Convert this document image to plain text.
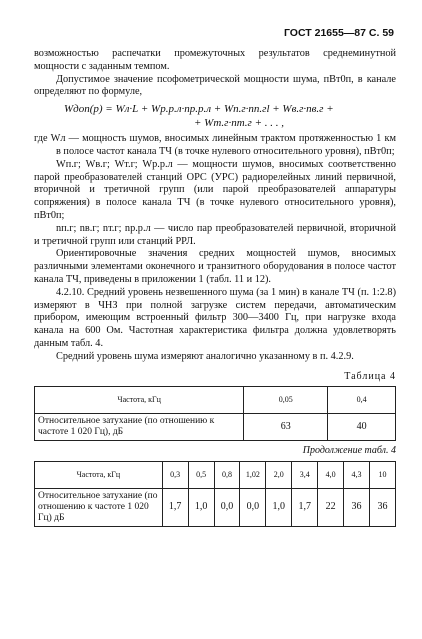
ГОСТ 21655—87 С. 59

возможностью распечатки промежуточных результатов среднеминутной мощности с заданным темпом.

Допустимое значение псофометрической мощности шума, пВт0п, в канале определяют по формуле,

Wдоп(р) = Wл·L + Wр.р.л·nр.р.л + Wп.г·nп.гl + Wв.г·nв.г +
+ Wт.г·nт.г + . . . ,

где Wл — мощность шумов, вносимых линейным трактом протяженностью 1 км в полосе частот канала ТЧ (в точке нулевого относительного уровня), пВт0п;

Wп.г; Wв.г; Wт.г; Wр.р.л — мощности шумов, вносимых соответственно парой преобразователей станций ОРС (УРС) радиорелейных линий первичной, вторичной и третичной групп (или парой преобразователей аппаратуры сопряжения) в полосе канала ТЧ (в точке нулевого относительного уровня), пВт0п;

nп.г; nв.г; nт.г; nр.р.л — число пар преобразователей первичной, вторичной и третичной групп или станций РРЛ.

Ориентировочные значения средних мощностей шумов, вносимых различными элементами оконечного и транзитного оборудования в полосе частот канала ТЧ, приведены в приложении 1 (табл. 11 и 12).

4.2.10. Средний уровень незвешенного шума (за 1 мин) в канале ТЧ (п. 1:2.8) измеряют в ЧНЗ при полной загрузке систем передачи, автоматическим прибором, имеющим встроенный фильтр 300—3400 Гц, при нагрузке входа канала на 600 Ом. Частотная характеристика фильтра должна удовлетворять данным табл. 4.

Средний уровень шума измеряют аналогично указанному в п. 4.2.9.

Таблица 4
Частота, кГц	0,05	0,4
Относительное затухание (по отношению к частоте 1 020 Гц), дБ	63	40
Продолжение табл. 4
Частота, кГц	0,3	0,5	0,8	1,02	2,0	3,4	4,0	4,3	10
Относительное затухание (по отношению к частоте 1 020 Гц) дБ	1,7	1,0	0,0	0,0	1,0	1,7	22	36	36
